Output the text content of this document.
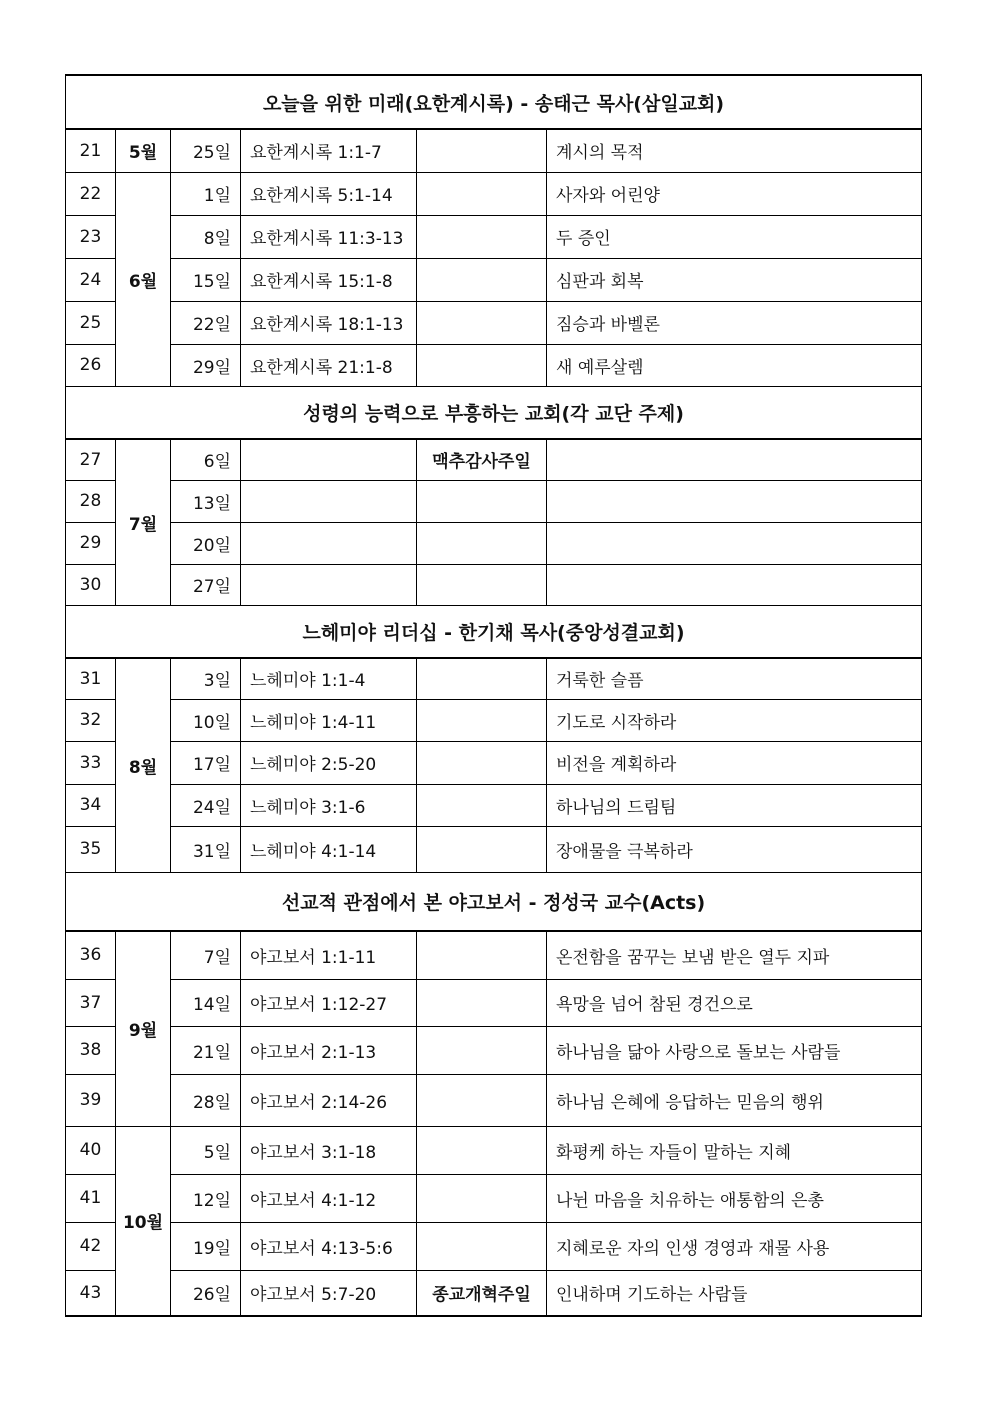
오늘을 위한 미래(요한계시록) - 송태근 목사(삼일교회)					
21	5월	25일	요한계시록 1:1-7		계시의 목적
22	6월	1일	요한계시록 5:1-14		사자와 어린양
23		8일	요한계시록 11:3-13		두 증인
24		15일	요한계시록 15:1-8		심판과 회복
25		22일	요한계시록 18:1-13		짐승과 바벨론
26		29일	요한계시록 21:1-8		새 예루살렘
성령의 능력으로 부흥하는 교회(각 교단 주제)					
27	7월	6일		맥추감사주일	
28		13일			
29		20일			
30		27일			
느헤미야 리더십 - 한기채 목사(중앙성결교회)					
31	8월	3일	느헤미야 1:1-4		거룩한 슬픔
32		10일	느헤미야 1:4-11		기도로 시작하라
33		17일	느헤미야 2:5-20		비전을 계획하라
34		24일	느헤미야 3:1-6		하나님의 드림팀
35		31일	느헤미야 4:1-14		장애물을 극복하라
선교적 관점에서 본 야고보서 - 정성국 교수(Acts)					
36	9월	7일	야고보서 1:1-11		온전함을 꿈꾸는 보냄 받은 열두 지파
37		14일	야고보서 1:12-27		욕망을 넘어 참된 경건으로
38		21일	야고보서 2:1-13		하나님을 닮아 사랑으로 돌보는 사람들
39		28일	야고보서 2:14-26		하나님 은혜에 응답하는 믿음의 행위
40	10월	5일	야고보서 3:1-18		화평케 하는 자들이 말하는 지혜
41		12일	야고보서 4:1-12		나뉜 마음을 치유하는 애통함의 은총
42		19일	야고보서 4:13-5:6		지혜로운 자의 인생 경영과 재물 사용
43		26일	야고보서 5:7-20	종교개혁주일	인내하며 기도하는 사람들
